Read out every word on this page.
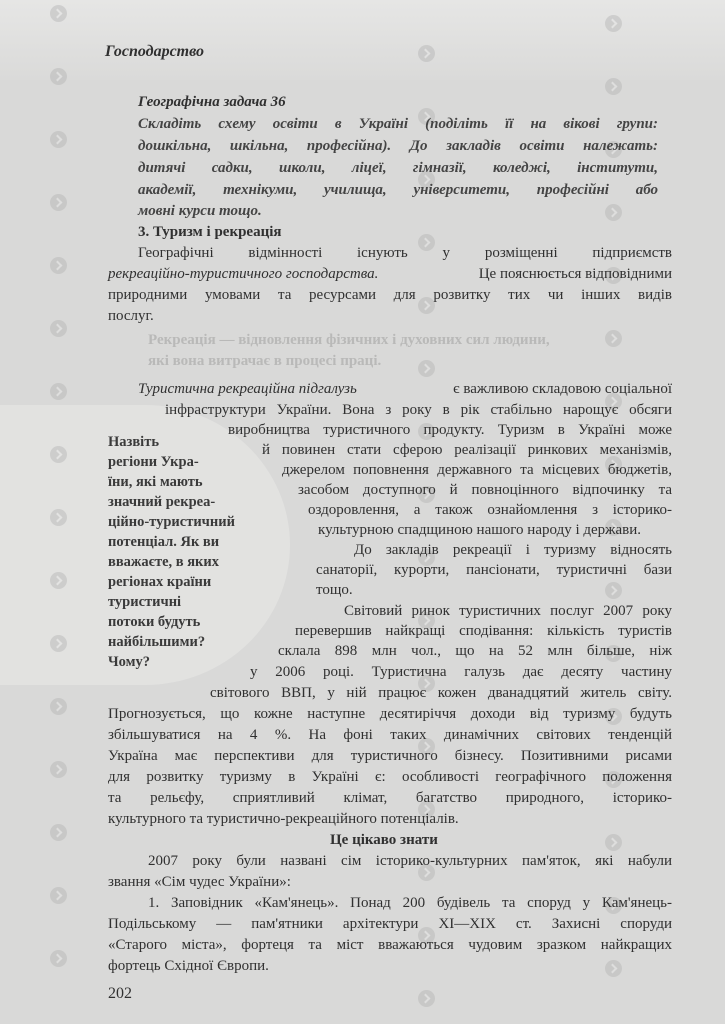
Господарство
Географічна задача 36
Складіть схему освіти в Україні (поділіть її на вікові групи:
дошкільна, шкільна, професійна). До закладів освіти належать:
дитячі садки, школи, ліцеї, гімназії, коледжі, інститути,
академії, технікуми, училища, університети, професійні або
мовні курси тощо.
3. Туризм і рекреація
Географічні відмінності існують у розміщенні підприємств
рекреаційно-туристичного господарства.	Це пояснюється відповідними
природними умовами та ресурсами для розвитку тих чи інших видів
послуг.
Рекреація — відновлення фізичних і духовних сил людини,
які вона витрачає в процесі праці.
Туристична рекреаційна підгалузь	є важливою складовою соціальної
інфраструктури України. Вона з року в рік стабільно нарощує обсяги
виробництва туристичного продукту. Туризм в Україні може
й повинен стати сферою реалізації ринкових механізмів,
джерелом поповнення державного та місцевих бюджетів,
засобом доступного й повноцінного відпочинку та
оздоровлення, а також ознайомлення з історико-
культурною спадщиною нашого народу і держави.
До закладів рекреації і туризму відносять
санаторії, курорти, пансіонати, туристичні бази
тощо.
Світовий ринок туристичних послуг 2007 року
перевершив найкращі сподівання: кількість туристів
склала 898 млн чол., що на 52 млн більше, ніж
у 2006 році. Туристична галузь дає десяту частину
світового ВВП, у ній працює кожен дванадцятий житель світу.
Прогнозується, що кожне наступне десятиріччя доходи від туризму будуть
збільшуватися на 4 %. На фоні таких динамічних світових тенденцій
Україна має перспективи для туристичного бізнесу. Позитивними рисами
для розвитку туризму в Україні є: особливості географічного положення
та рельєфу, сприятливий клімат, багатство природного, історико-
культурного та туристично-рекреаційного потенціалів.
Назвіть
регіони Укра-
їни, які мають
значний рекреа-
ційно-туристичний
потенціал. Як ви
вважаєте, в яких
регіонах країни
туристичні
потоки будуть
найбільшими?
Чому?
Це цікаво знати
2007 року були названі сім історико-культурних пам'яток, які набули
звання «Сім чудес України»:
1. Заповідник «Кам'янець». Понад 200 будівель та споруд у Кам'янець-
Подільському — пам'ятники архітектури XI—XIX ст. Захисні споруди
«Старого міста», фортеця та міст вважаються чудовим зразком найкращих
фортець Східної Європи.
202
